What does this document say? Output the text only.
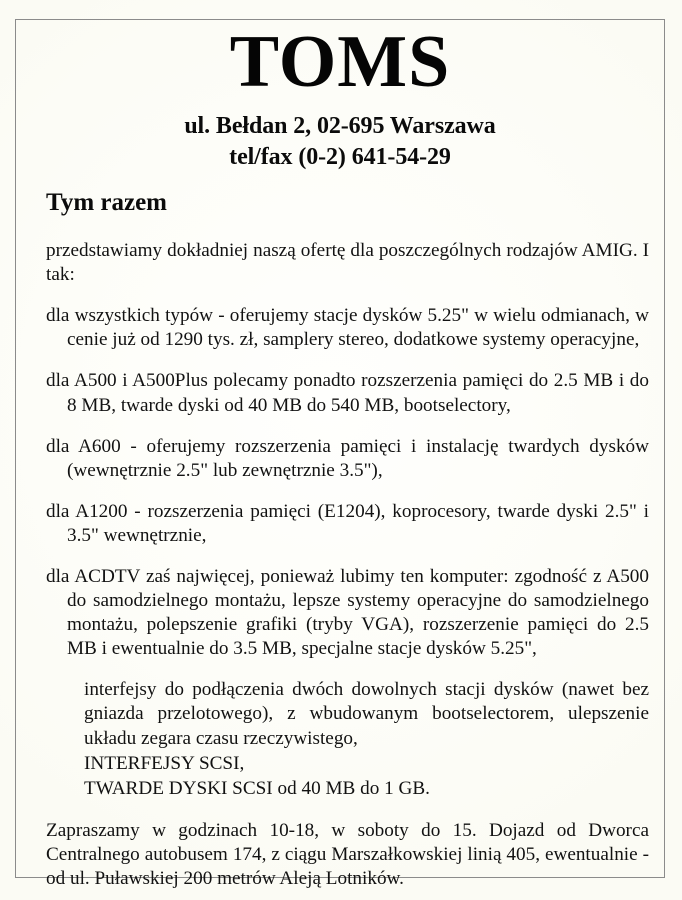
TOMS

ul. Bełdan 2, 02-695 Warszawa

tel/fax (0-2) 641-54-29

Tym razem

przedstawiamy dokładniej naszą ofertę dla poszczególnych rodzajów AMIG. I tak:

dla wszystkich typów - oferujemy stacje dysków 5.25" w wielu odmianach, w cenie już od 1290 tys. zł, samplery stereo, dodatkowe systemy operacyjne,

dla A500 i A500Plus polecamy ponadto rozszerzenia pamięci do 2.5 MB i do 8 MB, twarde dyski od 40 MB do 540 MB, bootselectory,

dla A600 - oferujemy rozszerzenia pamięci i instalację twardych dysków (wewnętrznie 2.5" lub zewnętrznie 3.5"),

dla A1200 - rozszerzenia pamięci (E1204), koprocesory, twarde dyski 2.5" i 3.5" wewnętrznie,

dla ACDTV zaś najwięcej, ponieważ lubimy ten komputer: zgodność z A500 do samodzielnego montażu, lepsze systemy operacyjne do samodzielnego montażu, polepszenie grafiki (tryby VGA), rozszerzenie pamięci do 2.5 MB i ewentualnie do 3.5 MB, specjalne stacje dysków 5.25",

interfejsy do podłączenia dwóch dowolnych stacji dysków (nawet bez gniazda przelotowego), z wbudowanym bootselectorem, ulepszenie układu zegara czasu rzeczywistego,

INTERFEJSY SCSI,

TWARDE DYSKI SCSI od 40 MB do 1 GB.

Zapraszamy w godzinach 10-18, w soboty do 15. Dojazd od Dworca Centralnego autobusem 174, z ciągu Marszałkowskiej linią 405, ewentualnie - od ul. Puławskiej 200 metrów Aleją Lotników.
